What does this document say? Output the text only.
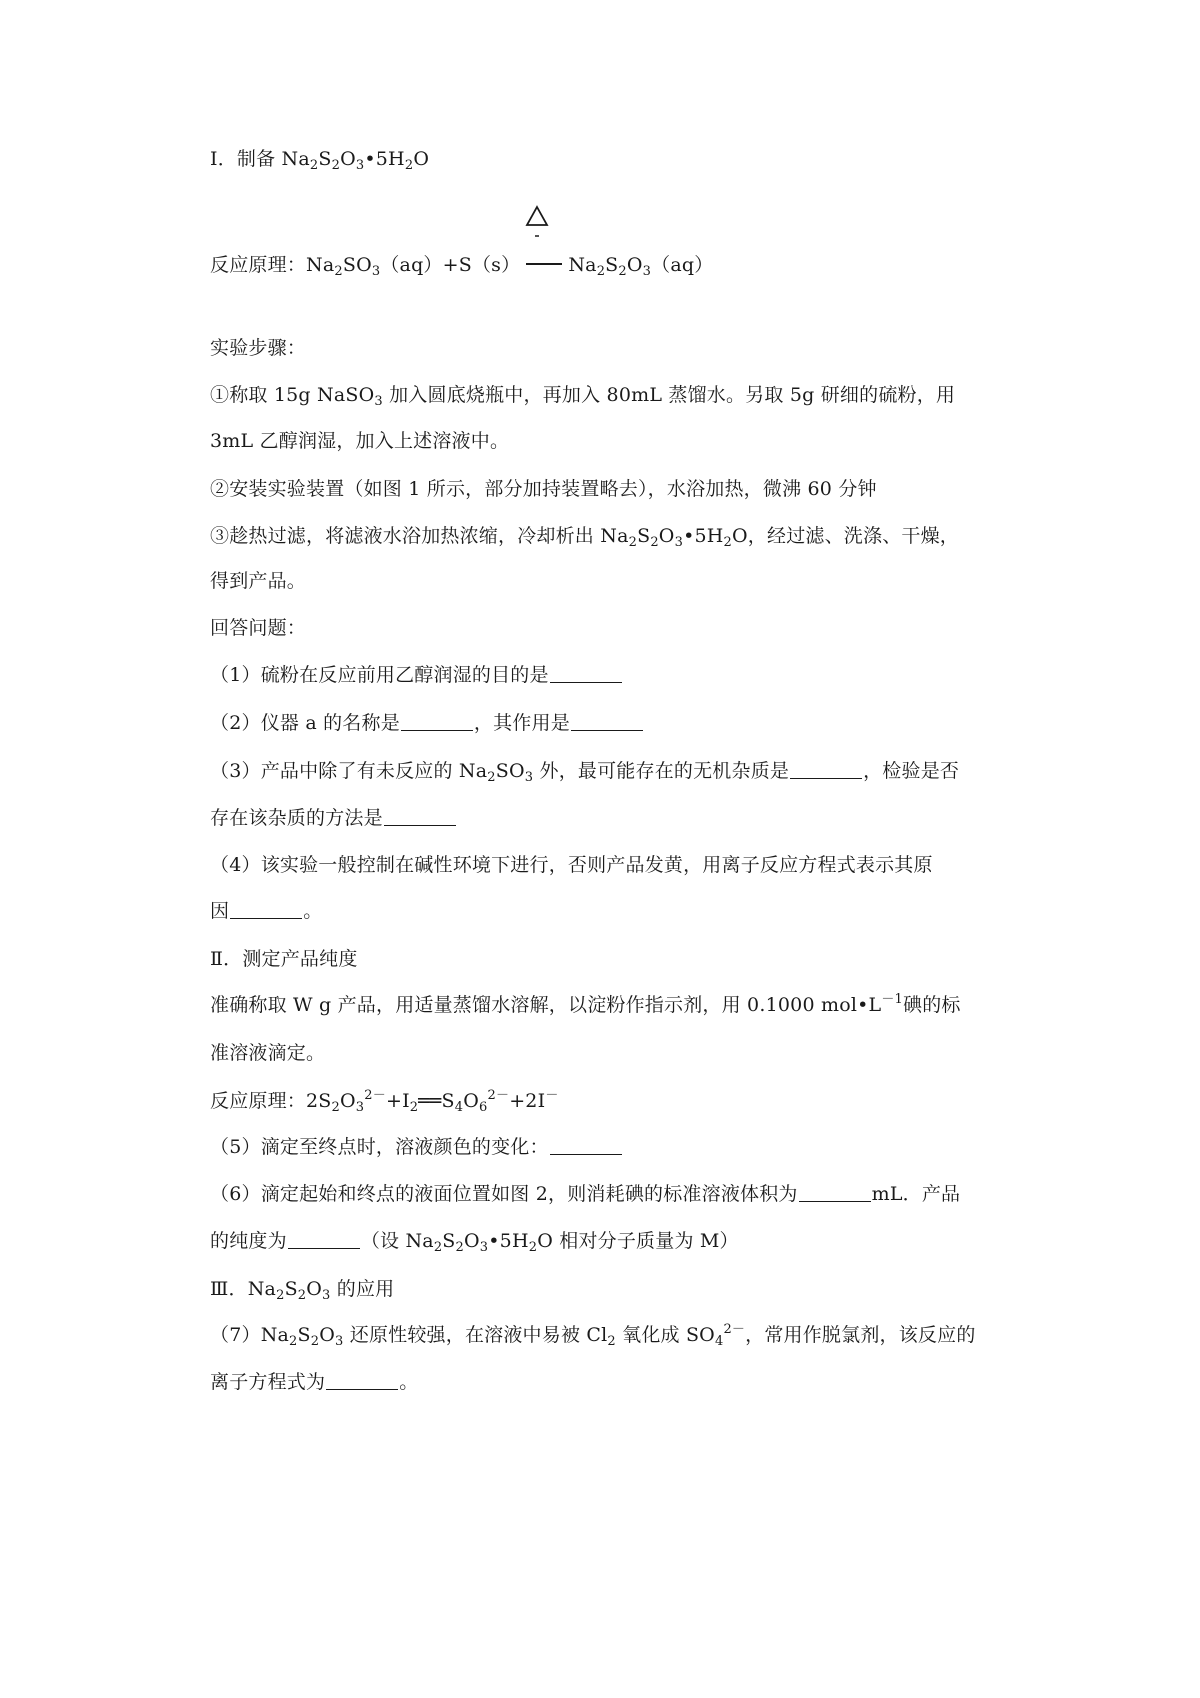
Ⅰ．制备 $Na_2S_2O_3•5H_2O$
反应原理：$Na_2SO_3(aq)+S(s)$	$Na_2S_2O_3(aq)$
实验步骤：
①称取 15g NaSO$_3$ 加入圆底烧瓶中，再加入 80mL 蒸馏水。另取 5g 研细的硫粉，用
3mL 乙醇润湿，加入上述溶液中。
②安装实验装置（如图 1 所示，部分加持装置略去），水浴加热，微沸 60 分钟
③趁热过滤，将滤液水浴加热浓缩，冷却析出 $Na_2S_2O_3•5H_2O$，经过滤、洗涤、干燥，
得到产品。
回答问题：
（1）硫粉在反应前用乙醇润湿的目的是
（2）仪器 a 的名称是	，其作用是
（3）产品中除了有未反应的 $Na_2SO_3$ 外，最可能存在的无机杂质是	，检验是否
存在该杂质的方法是
（4）该实验一般控制在碱性环境下进行，否则产品发黄，用离子反应方程式表示其原
因	。
Ⅱ．测定产品纯度
准确称取 W g 产品，用适量蒸馏水溶解，以淀粉作指示剂，用 0.1000 $mol•L^{-1}$碘的标
准溶液滴定。
反应原理：$2S_2O_3^{2-}+I_2══S_4O_6^{2-}+2I^-$
（5）滴定至终点时，溶液颜色的变化：
（6）滴定起始和终点的液面位置如图 2，则消耗碘的标准溶液体积为	mL．产品
的纯度为	（设 $Na_2S_2O_3•5H_2O$ 相对分子质量为 M）
Ⅲ．$Na_2S_2O_3$ 的应用
$(7)Na_2S_2O_3$ 还原性较强，在溶液中易被 $Cl_2$ 氧化成 $SO_4^{2-}$，常用作脱氯剂，该反应的
离子方程式为	。
